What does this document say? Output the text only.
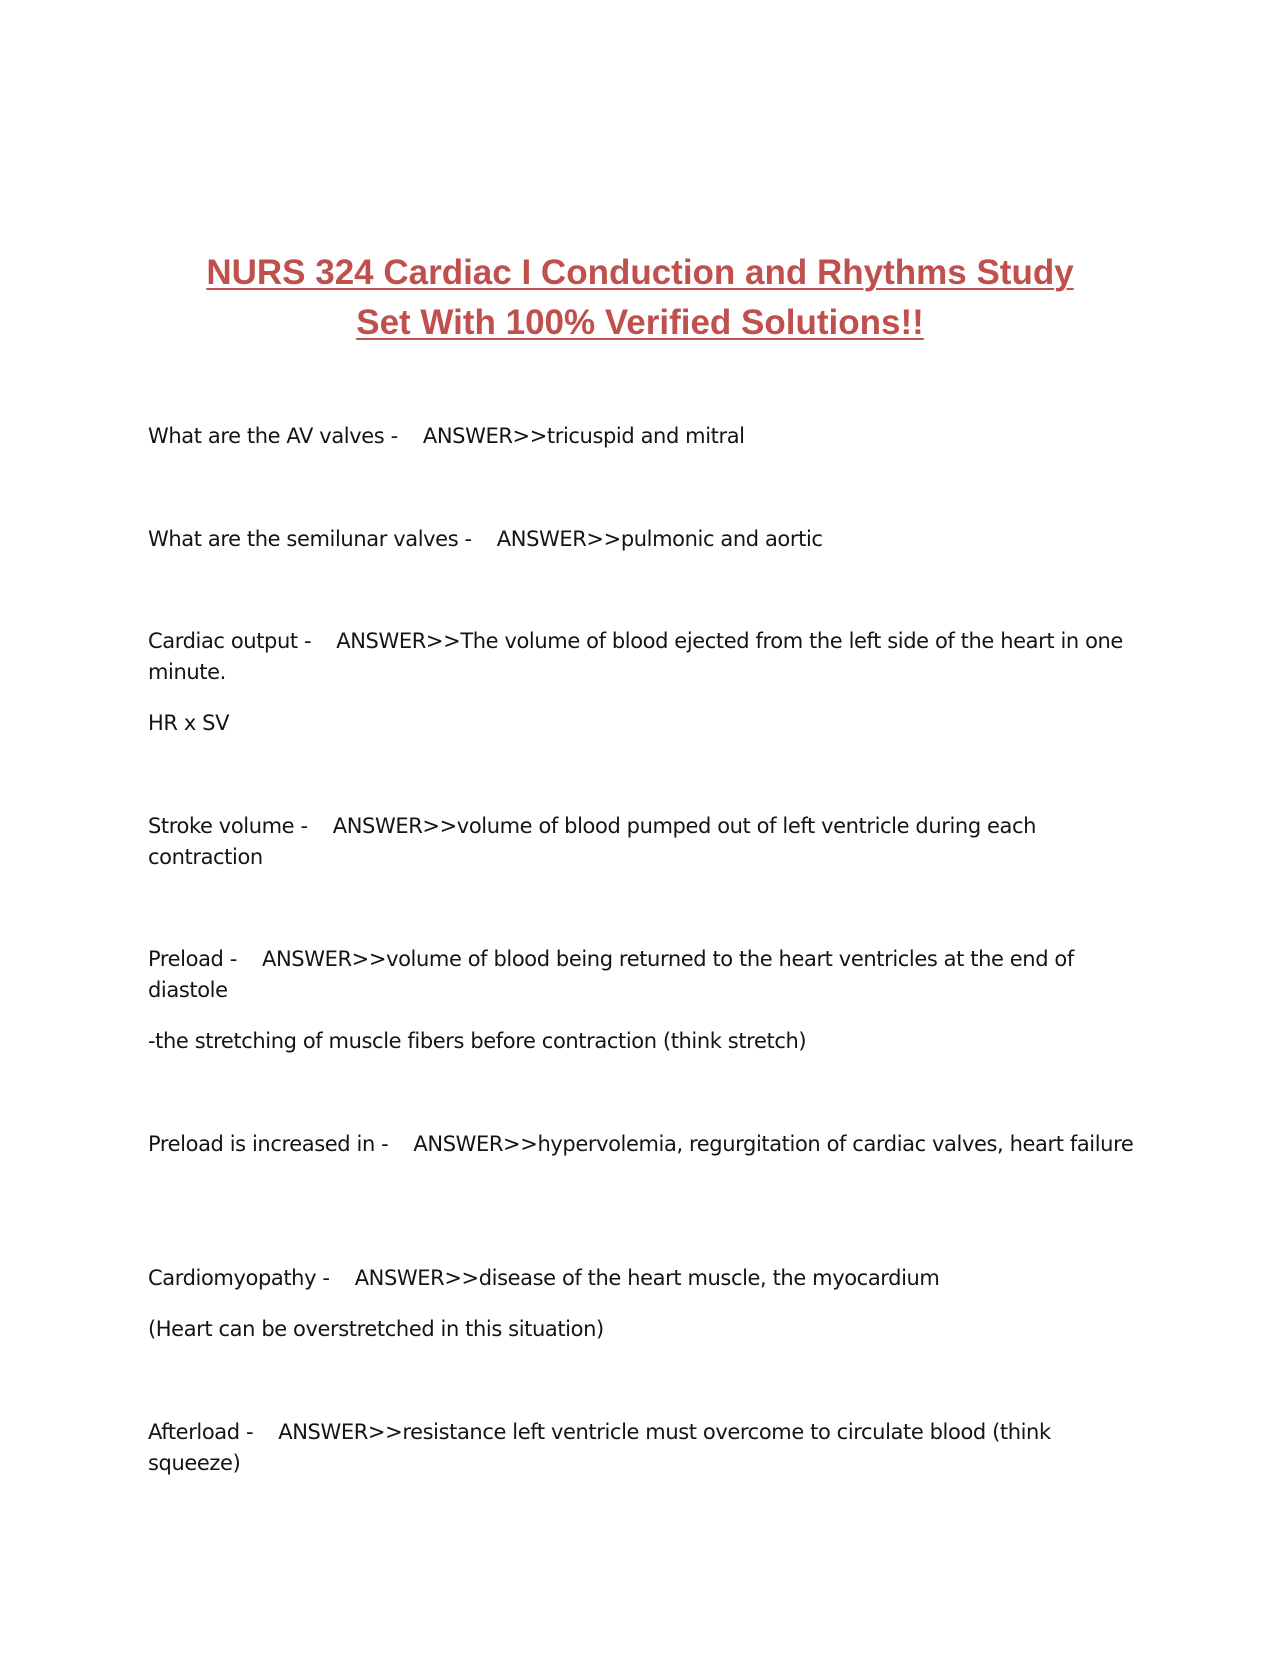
NURS 324 Cardiac I Conduction and Rhythms Study
Set With 100% Verified Solutions!!

What are the AV valves -    ANSWER>>tricuspid and mitral

What are the semilunar valves -    ANSWER>>pulmonic and aortic

Cardiac output -    ANSWER>>The volume of blood ejected from the left side of the heart in one minute.

HR x SV

Stroke volume -    ANSWER>>volume of blood pumped out of left ventricle during each contraction

Preload -    ANSWER>>volume of blood being returned to the heart ventricles at the end of diastole

-the stretching of muscle fibers before contraction (think stretch)

Preload is increased in -    ANSWER>>hypervolemia, regurgitation of cardiac valves, heart failure

Cardiomyopathy -    ANSWER>>disease of the heart muscle, the myocardium

(Heart can be overstretched in this situation)

Afterload -    ANSWER>>resistance left ventricle must overcome to circulate blood (think squeeze)
